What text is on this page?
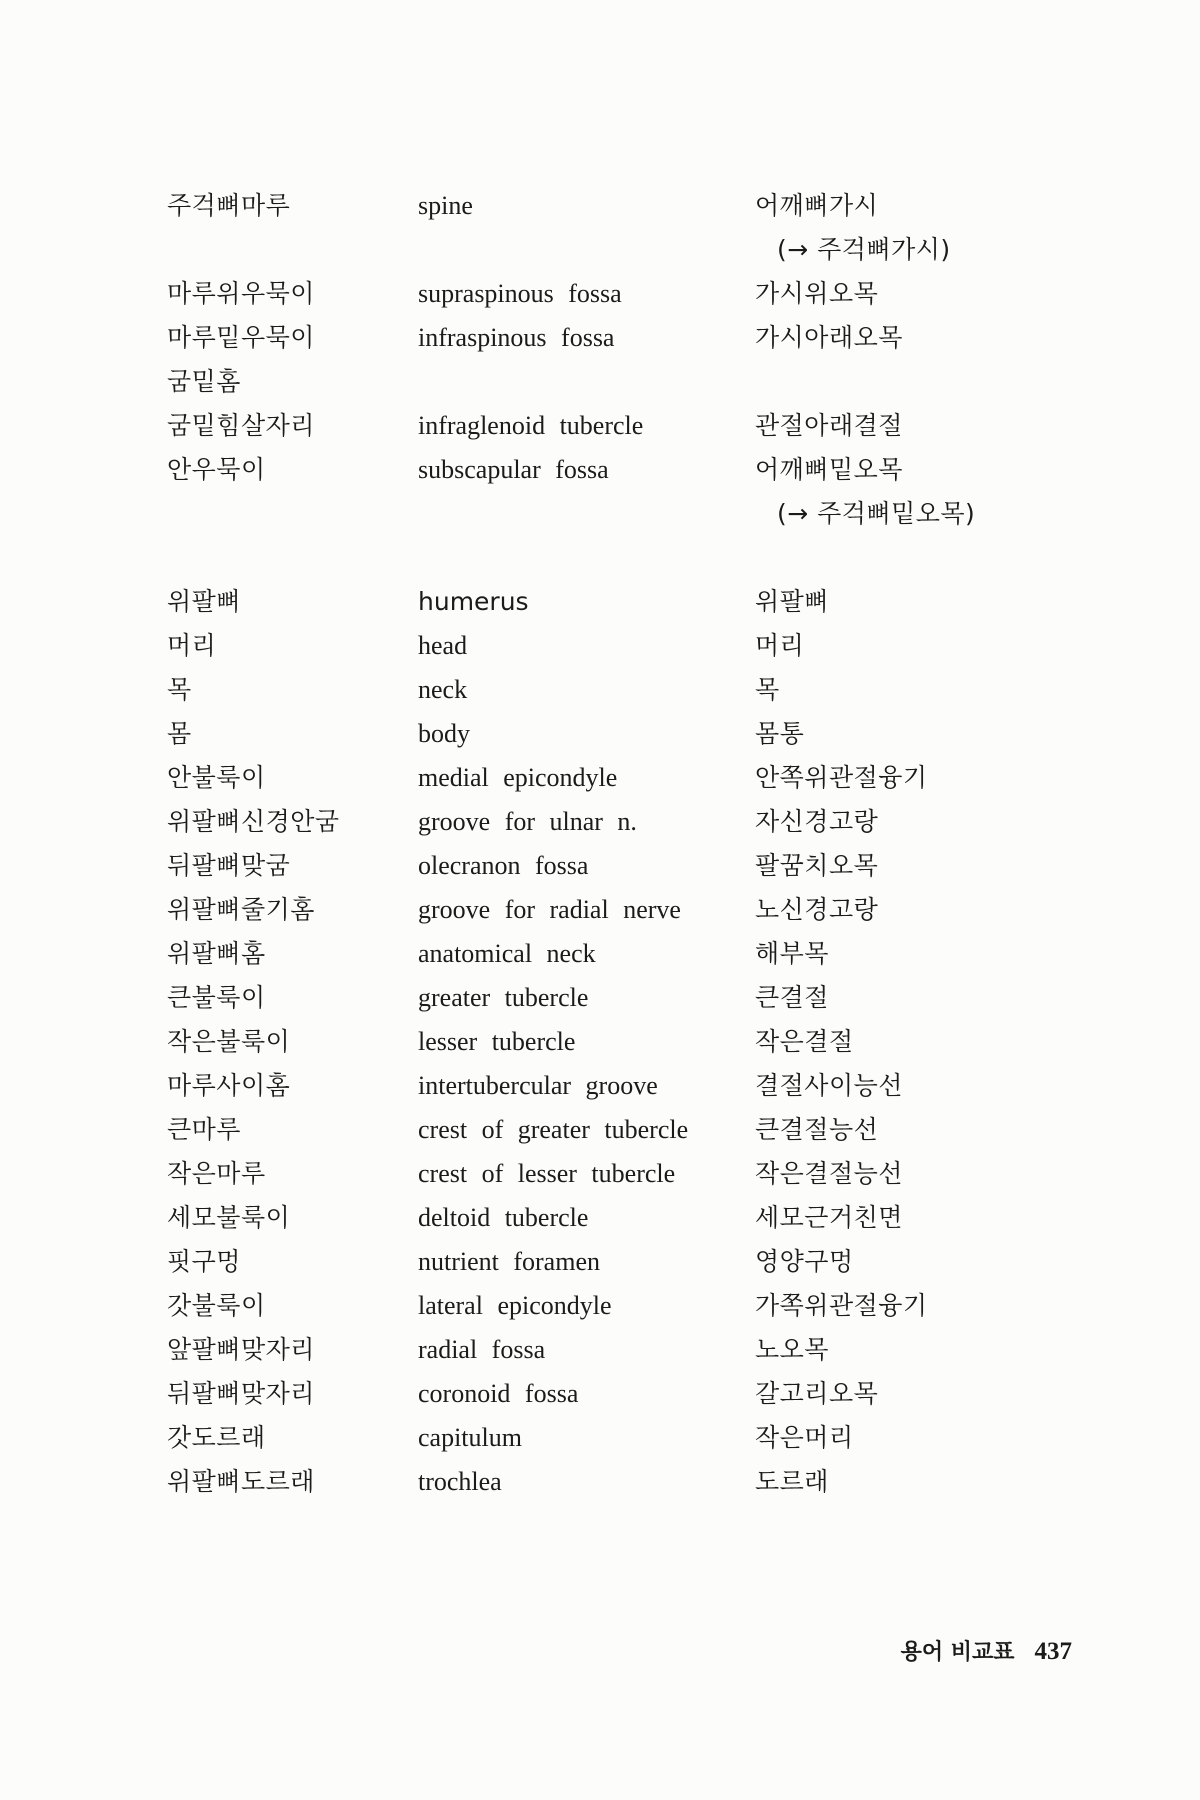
주걱뼈마루	spine	어깨뼈가시
(→ 주걱뼈가시)
마루위우묵이	supraspinous fossa	가시위오목
마루밑우묵이	infraspinous fossa	가시아래오목
굼밑홈
굼밑힘살자리	infraglenoid tubercle	관절아래결절
안우묵이	subscapular fossa	어깨뼈밑오목
(→ 주걱뼈밑오목)
위팔뼈	humerus	위팔뼈
머리	head	머리
목	neck	목
몸	body	몸통
안불룩이	medial epicondyle	안쪽위관절융기
위팔뼈신경안굼	groove for ulnar n.	자신경고랑
뒤팔뼈맞굼	olecranon fossa	팔꿈치오목
위팔뼈줄기홈	groove for radial nerve	노신경고랑
위팔뼈홈	anatomical neck	해부목
큰불룩이	greater tubercle	큰결절
작은불룩이	lesser tubercle	작은결절
마루사이홈	intertubercular groove	결절사이능선
큰마루	crest of greater tubercle	큰결절능선
작은마루	crest of lesser tubercle	작은결절능선
세모불룩이	deltoid tubercle	세모근거친면
핏구멍	nutrient foramen	영양구멍
갓불룩이	lateral epicondyle	가쪽위관절융기
앞팔뼈맞자리	radial fossa	노오목
뒤팔뼈맞자리	coronoid fossa	갈고리오목
갓도르래	capitulum	작은머리
위팔뼈도르래	trochlea	도르래
용어 비교표 437
